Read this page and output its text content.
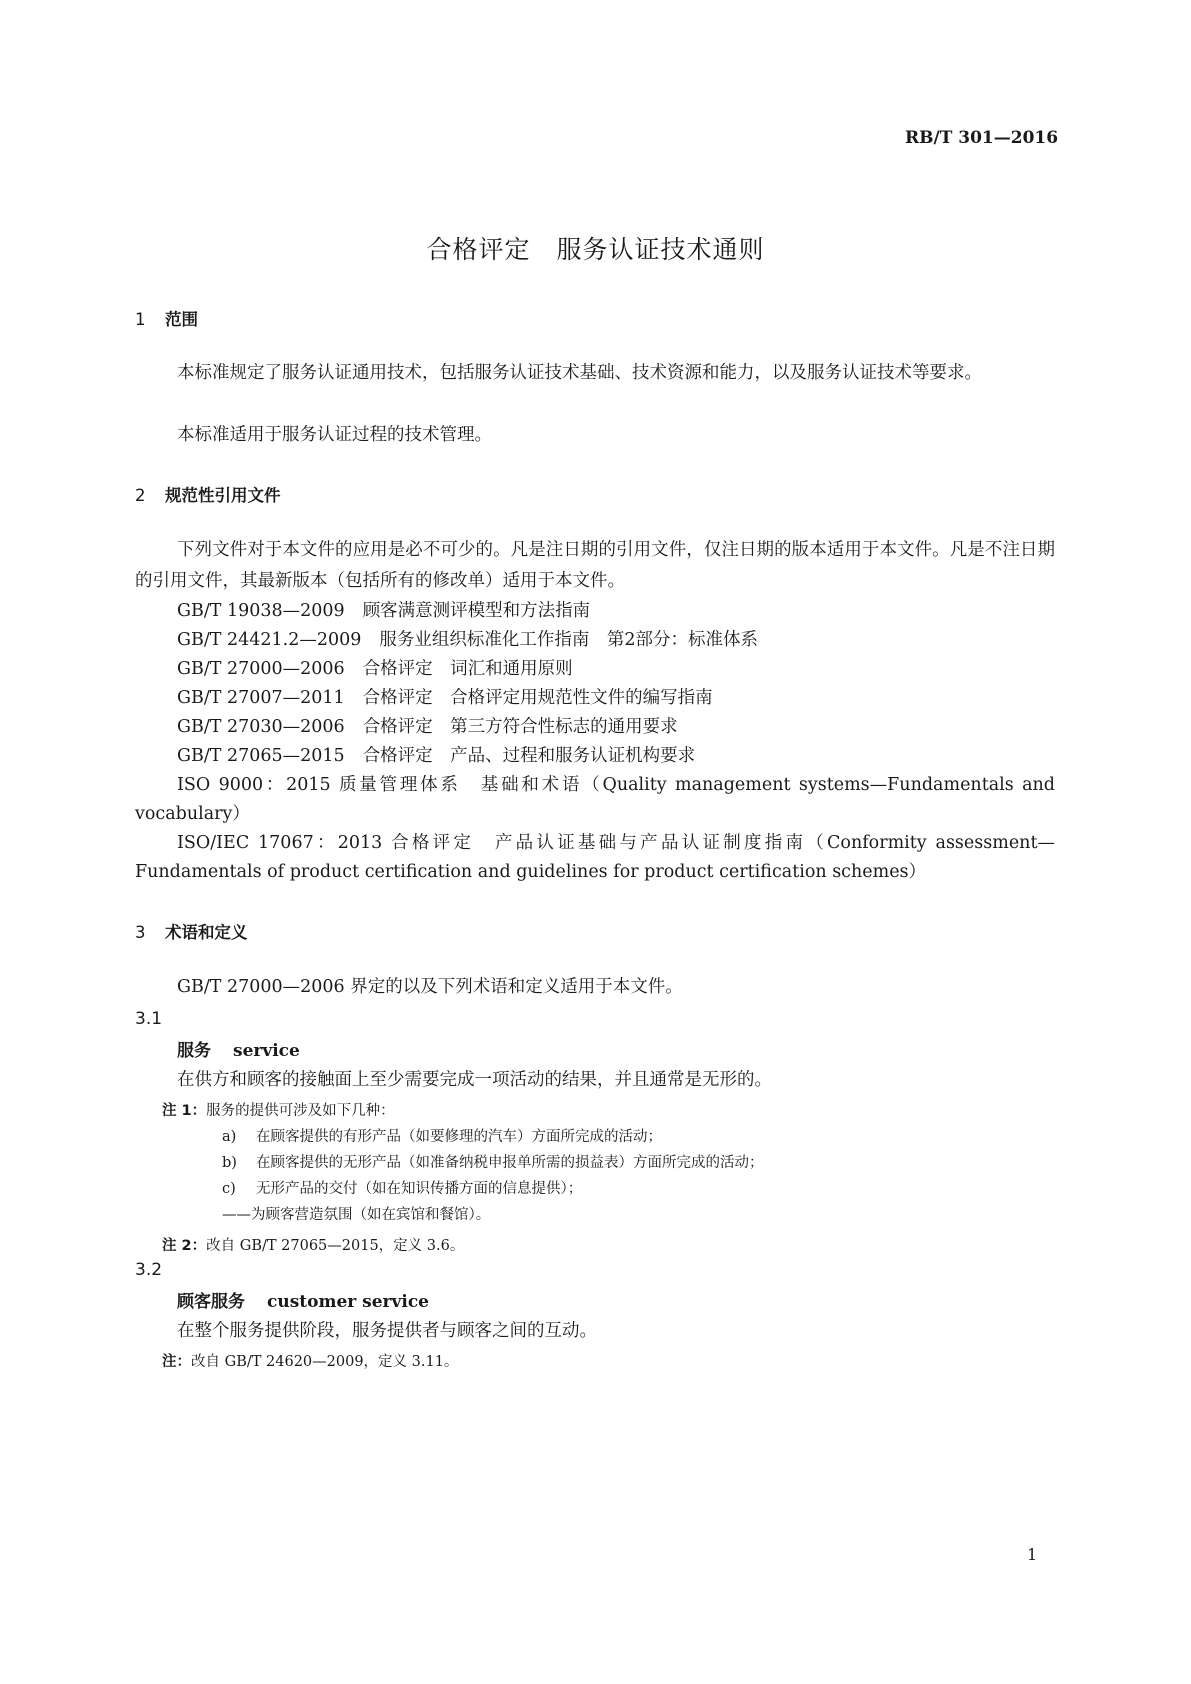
RB/T 301—2016
合格评定　服务认证技术通则
1 范围
本标准规定了服务认证通用技术，包括服务认证技术基础、技术资源和能力，以及服务认证技术等要求。
本标准适用于服务认证过程的技术管理。
2 规范性引用文件
下列文件对于本文件的应用是必不可少的。凡是注日期的引用文件，仅注日期的版本适用于本文件。凡是不注日期的引用文件，其最新版本（包括所有的修改单）适用于本文件。
GB/T 19038—2009 顾客满意测评模型和方法指南
GB/T 24421.2—2009 服务业组织标准化工作指南　第2部分：标准体系
GB/T 27000—2006 合格评定　词汇和通用原则
GB/T 27007—2011 合格评定　合格评定用规范性文件的编写指南
GB/T 27030—2006 合格评定　第三方符合性标志的通用要求
GB/T 27065—2015 合格评定　产品、过程和服务认证机构要求
ISO 9000：2015 质量管理体系　基础和术语（Quality management systems—Fundamentals and vocabulary）
ISO/IEC 17067：2013 合格评定　产品认证基础与产品认证制度指南（Conformity assessment—Fundamentals of product certification and guidelines for product certification schemes）
3 术语和定义
GB/T 27000—2006 界定的以及下列术语和定义适用于本文件。
3.1
服务 service
在供方和顾客的接触面上至少需要完成一项活动的结果，并且通常是无形的。
注 1：服务的提供可涉及如下几种：
a) 在顾客提供的有形产品（如要修理的汽车）方面所完成的活动；
b) 在顾客提供的无形产品（如准备纳税申报单所需的损益表）方面所完成的活动；
c) 无形产品的交付（如在知识传播方面的信息提供）；
——为顾客营造氛围（如在宾馆和餐馆）。
注 2：改自 GB/T 27065—2015，定义 3.6。
3.2
顾客服务 customer service
在整个服务提供阶段，服务提供者与顾客之间的互动。
注：改自 GB/T 24620—2009，定义 3.11。
1
